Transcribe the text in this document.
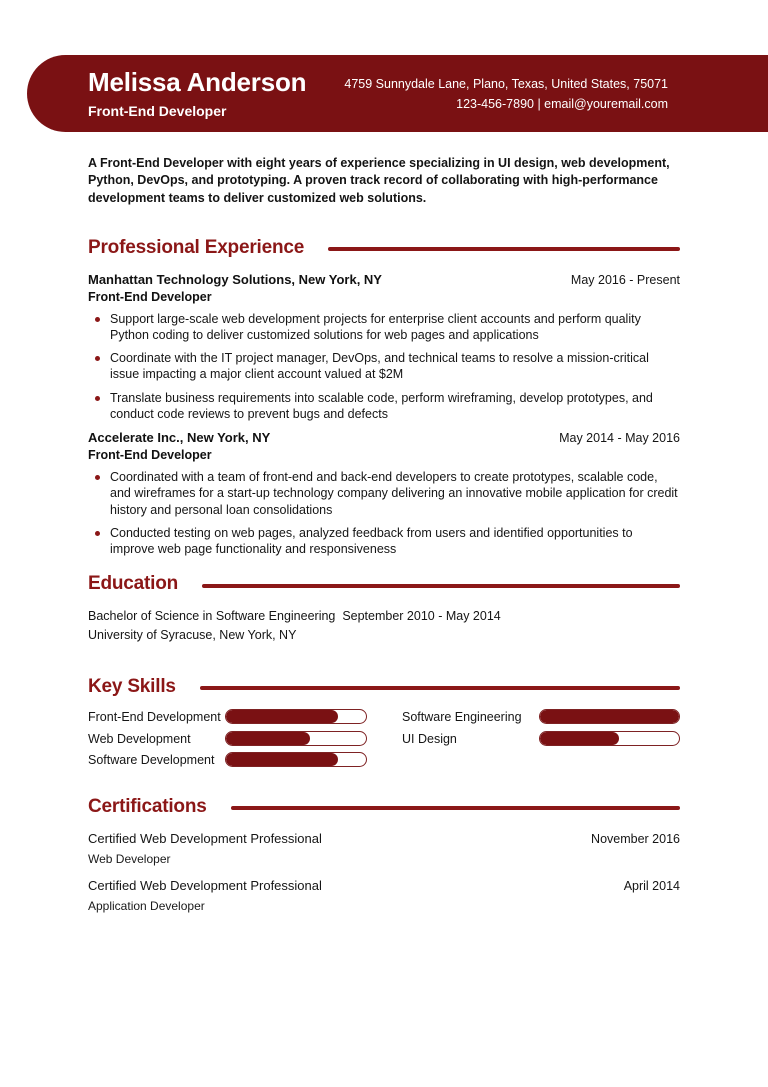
Melissa Anderson
Front-End Developer
4759 Sunnydale Lane, Plano, Texas, United States, 75071
123-456-7890 | email@youremail.com

A Front-End Developer with eight years of experience specializing in UI design, web development, Python, DevOps, and prototyping. A proven track record of collaborating with high-performance development teams to deliver customized web solutions.

Professional Experience
Manhattan Technology Solutions, New York, NY	May 2016 - Present
Front-End Developer
Support large-scale web development projects for enterprise client accounts and perform quality Python coding to deliver customized solutions for web pages and applications
Coordinate with the IT project manager, DevOps, and technical teams to resolve a mission-critical issue impacting a major client account valued at $2M
Translate business requirements into scalable code, perform wireframing, develop prototypes, and conduct code reviews to prevent bugs and defects
Accelerate Inc., New York, NY	May 2014 - May 2016
Front-End Developer
Coordinated with a team of front-end and back-end developers to create prototypes, scalable code, and wireframes for a start-up technology company delivering an innovative mobile application for credit history and personal loan consolidations
Conducted testing on web pages, analyzed feedback from users and identified opportunities to improve web page functionality and responsiveness
Education
Bachelor of Science in Software Engineering  September 2010 - May 2014
University of Syracuse, New York, NY
Key Skills
Front-End Development	Software Engineering
Web Development	UI Design
Software Development
Certifications
Certified Web Development Professional	November 2016
Web Developer
Certified Web Development Professional	April 2014
Application Developer
